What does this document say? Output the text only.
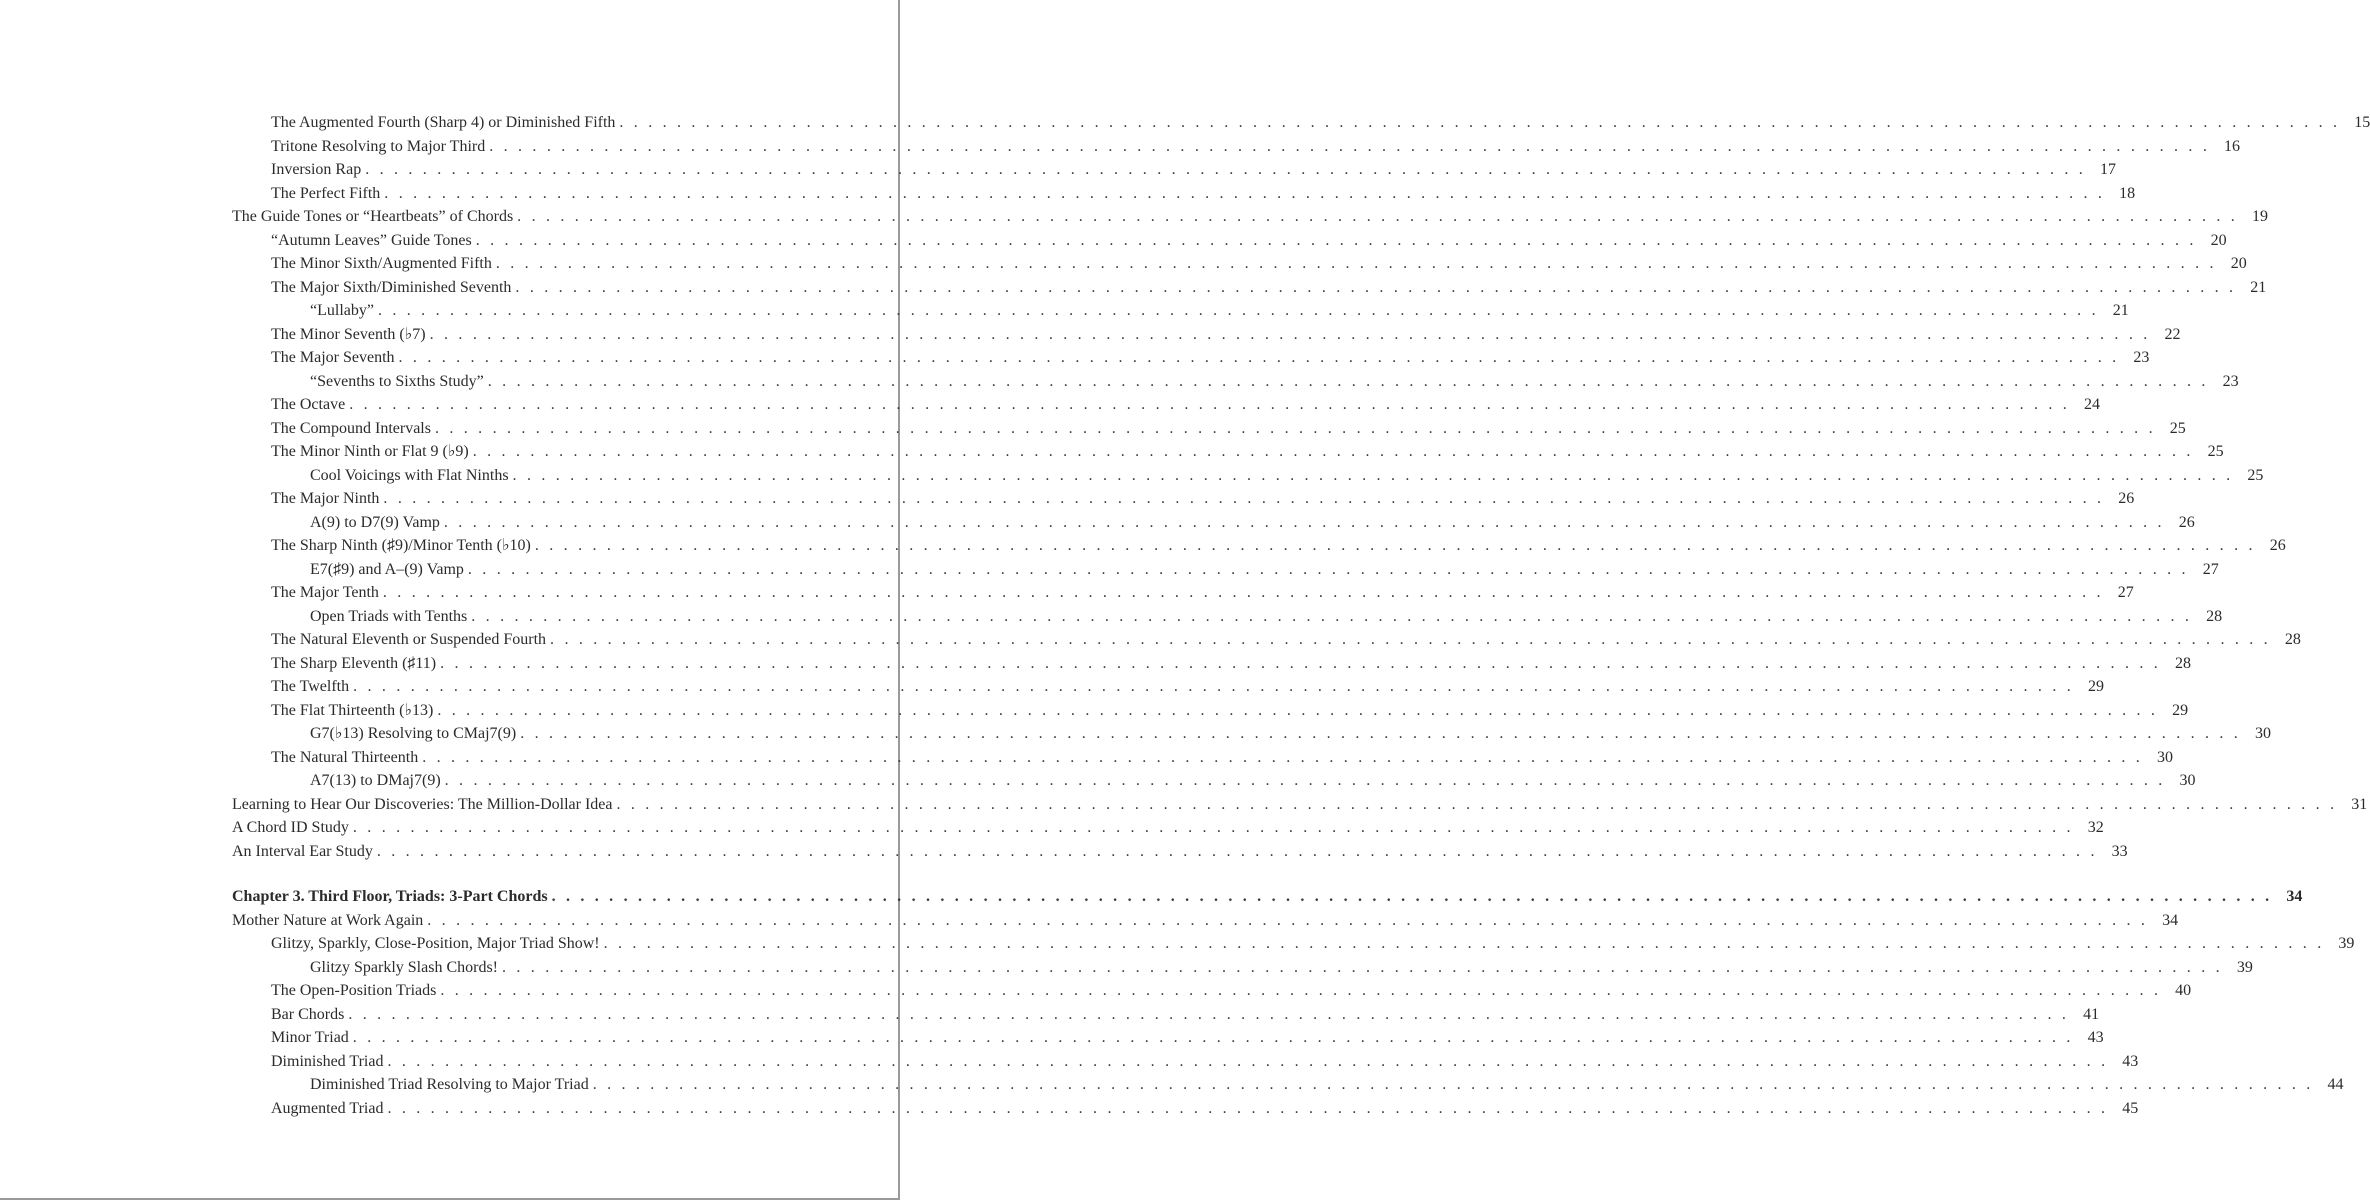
The Augmented Fourth (Sharp 4) or Diminished Fifth . . . . . . . . . . . . . . . . . . . . . . . . . . . . . . . . . . . . . . . . . . . . . . . . . . . . . . . . . . . . . . . . . . . . . . . . . . . . . . . . . . . . . . . . . . . . . . . . . . . . . . . . . . . . . . . . . . . . . . . . 15
Tritone Resolving to Major Third . . . . . . . . . . . . . . . . . . . . . . . . . . . . . . . . . . . . . . . . . . . . . . . . . . . . . . . . . . . . . . . . . . . . . . . . . . . . . . . . . . . . . . . . . . . . . . . . . . . . . . . . . . . . . . . . . . . . . . . . 16
Inversion Rap . . . . . . . . . . . . . . . . . . . . . . . . . . . . . . . . . . . . . . . . . . . . . . . . . . . . . . . . . . . . . . . . . . . . . . . . . . . . . . . . . . . . . . . . . . . . . . . . . . . . . . . . . . . . . . . . . . . . . . . . 17
The Perfect Fifth . . . . . . . . . . . . . . . . . . . . . . . . . . . . . . . . . . . . . . . . . . . . . . . . . . . . . . . . . . . . . . . . . . . . . . . . . . . . . . . . . . . . . . . . . . . . . . . . . . . . . . . . . . . . . . . . . . . . . . . . 18
The Guide Tones or “Heartbeats” of Chords . . . . . . . . . . . . . . . . . . . . . . . . . . . . . . . . . . . . . . . . . . . . . . . . . . . . . . . . . . . . . . . . . . . . . . . . . . . . . . . . . . . . . . . . . . . . . . . . . . . . . . . . . . . . . . . . . . . . . . . . 19
“Autumn Leaves” Guide Tones . . . . . . . . . . . . . . . . . . . . . . . . . . . . . . . . . . . . . . . . . . . . . . . . . . . . . . . . . . . . . . . . . . . . . . . . . . . . . . . . . . . . . . . . . . . . . . . . . . . . . . . . . . . . . . . . . . . . . . . . 20
The Minor Sixth/Augmented Fifth . . . . . . . . . . . . . . . . . . . . . . . . . . . . . . . . . . . . . . . . . . . . . . . . . . . . . . . . . . . . . . . . . . . . . . . . . . . . . . . . . . . . . . . . . . . . . . . . . . . . . . . . . . . . . . . . . . . . . . . . 20
The Major Sixth/Diminished Seventh . . . . . . . . . . . . . . . . . . . . . . . . . . . . . . . . . . . . . . . . . . . . . . . . . . . . . . . . . . . . . . . . . . . . . . . . . . . . . . . . . . . . . . . . . . . . . . . . . . . . . . . . . . . . . . . . . . . . . . . . 21
“Lullaby” . . . . . . . . . . . . . . . . . . . . . . . . . . . . . . . . . . . . . . . . . . . . . . . . . . . . . . . . . . . . . . . . . . . . . . . . . . . . . . . . . . . . . . . . . . . . . . . . . . . . . . . . . . . . . . . . . . . . . . . . 21
The Minor Seventh (♭7) . . . . . . . . . . . . . . . . . . . . . . . . . . . . . . . . . . . . . . . . . . . . . . . . . . . . . . . . . . . . . . . . . . . . . . . . . . . . . . . . . . . . . . . . . . . . . . . . . . . . . . . . . . . . . . . . . . . . . . . . 22
The Major Seventh . . . . . . . . . . . . . . . . . . . . . . . . . . . . . . . . . . . . . . . . . . . . . . . . . . . . . . . . . . . . . . . . . . . . . . . . . . . . . . . . . . . . . . . . . . . . . . . . . . . . . . . . . . . . . . . . . . . . . . . . 23
“Sevenths to Sixths Study” . . . . . . . . . . . . . . . . . . . . . . . . . . . . . . . . . . . . . . . . . . . . . . . . . . . . . . . . . . . . . . . . . . . . . . . . . . . . . . . . . . . . . . . . . . . . . . . . . . . . . . . . . . . . . . . . . . . . . . . . 23
The Octave . . . . . . . . . . . . . . . . . . . . . . . . . . . . . . . . . . . . . . . . . . . . . . . . . . . . . . . . . . . . . . . . . . . . . . . . . . . . . . . . . . . . . . . . . . . . . . . . . . . . . . . . . . . . . . . . . . . . . . . . 24
The Compound Intervals . . . . . . . . . . . . . . . . . . . . . . . . . . . . . . . . . . . . . . . . . . . . . . . . . . . . . . . . . . . . . . . . . . . . . . . . . . . . . . . . . . . . . . . . . . . . . . . . . . . . . . . . . . . . . . . . . . . . . . . . 25
The Minor Ninth or Flat 9 (♭9) . . . . . . . . . . . . . . . . . . . . . . . . . . . . . . . . . . . . . . . . . . . . . . . . . . . . . . . . . . . . . . . . . . . . . . . . . . . . . . . . . . . . . . . . . . . . . . . . . . . . . . . . . . . . . . . . . . . . . . . . 25
Cool Voicings with Flat Ninths . . . . . . . . . . . . . . . . . . . . . . . . . . . . . . . . . . . . . . . . . . . . . . . . . . . . . . . . . . . . . . . . . . . . . . . . . . . . . . . . . . . . . . . . . . . . . . . . . . . . . . . . . . . . . . . . . . . . . . . . 25
The Major Ninth . . . . . . . . . . . . . . . . . . . . . . . . . . . . . . . . . . . . . . . . . . . . . . . . . . . . . . . . . . . . . . . . . . . . . . . . . . . . . . . . . . . . . . . . . . . . . . . . . . . . . . . . . . . . . . . . . . . . . . . . 26
A(9) to D7(9) Vamp . . . . . . . . . . . . . . . . . . . . . . . . . . . . . . . . . . . . . . . . . . . . . . . . . . . . . . . . . . . . . . . . . . . . . . . . . . . . . . . . . . . . . . . . . . . . . . . . . . . . . . . . . . . . . . . . . . . . . . . . 26
The Sharp Ninth (♯9)/Minor Tenth (♭10) . . . . . . . . . . . . . . . . . . . . . . . . . . . . . . . . . . . . . . . . . . . . . . . . . . . . . . . . . . . . . . . . . . . . . . . . . . . . . . . . . . . . . . . . . . . . . . . . . . . . . . . . . . . . . . . . . . . . . . . . 26
E7(♯9) and A–(9) Vamp . . . . . . . . . . . . . . . . . . . . . . . . . . . . . . . . . . . . . . . . . . . . . . . . . . . . . . . . . . . . . . . . . . . . . . . . . . . . . . . . . . . . . . . . . . . . . . . . . . . . . . . . . . . . . . . . . . . . . . . . 27
The Major Tenth . . . . . . . . . . . . . . . . . . . . . . . . . . . . . . . . . . . . . . . . . . . . . . . . . . . . . . . . . . . . . . . . . . . . . . . . . . . . . . . . . . . . . . . . . . . . . . . . . . . . . . . . . . . . . . . . . . . . . . . . 27
Open Triads with Tenths . . . . . . . . . . . . . . . . . . . . . . . . . . . . . . . . . . . . . . . . . . . . . . . . . . . . . . . . . . . . . . . . . . . . . . . . . . . . . . . . . . . . . . . . . . . . . . . . . . . . . . . . . . . . . . . . . . . . . . . . 28
The Natural Eleventh or Suspended Fourth . . . . . . . . . . . . . . . . . . . . . . . . . . . . . . . . . . . . . . . . . . . . . . . . . . . . . . . . . . . . . . . . . . . . . . . . . . . . . . . . . . . . . . . . . . . . . . . . . . . . . . . . . . . . . . . . . . . . . . . . 28
The Sharp Eleventh (♯11) . . . . . . . . . . . . . . . . . . . . . . . . . . . . . . . . . . . . . . . . . . . . . . . . . . . . . . . . . . . . . . . . . . . . . . . . . . . . . . . . . . . . . . . . . . . . . . . . . . . . . . . . . . . . . . . . . . . . . . . . 28
The Twelfth . . . . . . . . . . . . . . . . . . . . . . . . . . . . . . . . . . . . . . . . . . . . . . . . . . . . . . . . . . . . . . . . . . . . . . . . . . . . . . . . . . . . . . . . . . . . . . . . . . . . . . . . . . . . . . . . . . . . . . . . 29
The Flat Thirteenth (♭13) . . . . . . . . . . . . . . . . . . . . . . . . . . . . . . . . . . . . . . . . . . . . . . . . . . . . . . . . . . . . . . . . . . . . . . . . . . . . . . . . . . . . . . . . . . . . . . . . . . . . . . . . . . . . . . . . . . . . . . . . 29
G7(♭13) Resolving to CMaj7(9) . . . . . . . . . . . . . . . . . . . . . . . . . . . . . . . . . . . . . . . . . . . . . . . . . . . . . . . . . . . . . . . . . . . . . . . . . . . . . . . . . . . . . . . . . . . . . . . . . . . . . . . . . . . . . . . . . . . . . . . . 30
The Natural Thirteenth . . . . . . . . . . . . . . . . . . . . . . . . . . . . . . . . . . . . . . . . . . . . . . . . . . . . . . . . . . . . . . . . . . . . . . . . . . . . . . . . . . . . . . . . . . . . . . . . . . . . . . . . . . . . . . . . . . . . . . . . 30
A7(13) to DMaj7(9) . . . . . . . . . . . . . . . . . . . . . . . . . . . . . . . . . . . . . . . . . . . . . . . . . . . . . . . . . . . . . . . . . . . . . . . . . . . . . . . . . . . . . . . . . . . . . . . . . . . . . . . . . . . . . . . . . . . . . . . . 30
Learning to Hear Our Discoveries: The Million-Dollar Idea . . . . . . . . . . . . . . . . . . . . . . . . . . . . . . . . . . . . . . . . . . . . . . . . . . . . . . . . . . . . . . . . . . . . . . . . . . . . . . . . . . . . . . . . . . . . . . . . . . . . . . . . . . . . . . . . . . . . . . . . 31
A Chord ID Study . . . . . . . . . . . . . . . . . . . . . . . . . . . . . . . . . . . . . . . . . . . . . . . . . . . . . . . . . . . . . . . . . . . . . . . . . . . . . . . . . . . . . . . . . . . . . . . . . . . . . . . . . . . . . . . . . . . . . . . . 32
An Interval Ear Study . . . . . . . . . . . . . . . . . . . . . . . . . . . . . . . . . . . . . . . . . . . . . . . . . . . . . . . . . . . . . . . . . . . . . . . . . . . . . . . . . . . . . . . . . . . . . . . . . . . . . . . . . . . . . . . . . . . . . . . . 33
Chapter 3. Third Floor, Triads: 3-Part Chords . . . . . . . . . . . . . . . . . . . . . . . . . . . . . . . . . . . . . . . . . . . . . . . . . . . . . . . . . . . . . . . . . . . . . . . . . . . . . . . . . . . . . . . . . . . . . . . . . . . . . . . . . . . . . . . . . . . . . . . . 34
Mother Nature at Work Again . . . . . . . . . . . . . . . . . . . . . . . . . . . . . . . . . . . . . . . . . . . . . . . . . . . . . . . . . . . . . . . . . . . . . . . . . . . . . . . . . . . . . . . . . . . . . . . . . . . . . . . . . . . . . . . . . . . . . . . . 34
Glitzy, Sparkly, Close-Position, Major Triad Show! . . . . . . . . . . . . . . . . . . . . . . . . . . . . . . . . . . . . . . . . . . . . . . . . . . . . . . . . . . . . . . . . . . . . . . . . . . . . . . . . . . . . . . . . . . . . . . . . . . . . . . . . . . . . . . . . . . . . . . . . 39
Glitzy Sparkly Slash Chords! . . . . . . . . . . . . . . . . . . . . . . . . . . . . . . . . . . . . . . . . . . . . . . . . . . . . . . . . . . . . . . . . . . . . . . . . . . . . . . . . . . . . . . . . . . . . . . . . . . . . . . . . . . . . . . . . . . . . . . . . 39
The Open-Position Triads . . . . . . . . . . . . . . . . . . . . . . . . . . . . . . . . . . . . . . . . . . . . . . . . . . . . . . . . . . . . . . . . . . . . . . . . . . . . . . . . . . . . . . . . . . . . . . . . . . . . . . . . . . . . . . . . . . . . . . . . 40
Bar Chords . . . . . . . . . . . . . . . . . . . . . . . . . . . . . . . . . . . . . . . . . . . . . . . . . . . . . . . . . . . . . . . . . . . . . . . . . . . . . . . . . . . . . . . . . . . . . . . . . . . . . . . . . . . . . . . . . . . . . . . . 41
Minor Triad . . . . . . . . . . . . . . . . . . . . . . . . . . . . . . . . . . . . . . . . . . . . . . . . . . . . . . . . . . . . . . . . . . . . . . . . . . . . . . . . . . . . . . . . . . . . . . . . . . . . . . . . . . . . . . . . . . . . . . . . 43
Diminished Triad . . . . . . . . . . . . . . . . . . . . . . . . . . . . . . . . . . . . . . . . . . . . . . . . . . . . . . . . . . . . . . . . . . . . . . . . . . . . . . . . . . . . . . . . . . . . . . . . . . . . . . . . . . . . . . . . . . . . . . . . 43
Diminished Triad Resolving to Major Triad . . . . . . . . . . . . . . . . . . . . . . . . . . . . . . . . . . . . . . . . . . . . . . . . . . . . . . . . . . . . . . . . . . . . . . . . . . . . . . . . . . . . . . . . . . . . . . . . . . . . . . . . . . . . . . . . . . . . . . . . 44
Augmented Triad . . . . . . . . . . . . . . . . . . . . . . . . . . . . . . . . . . . . . . . . . . . . . . . . . . . . . . . . . . . . . . . . . . . . . . . . . . . . . . . . . . . . . . . . . . . . . . . . . . . . . . . . . . . . . . . . . . . . . . . . 45
